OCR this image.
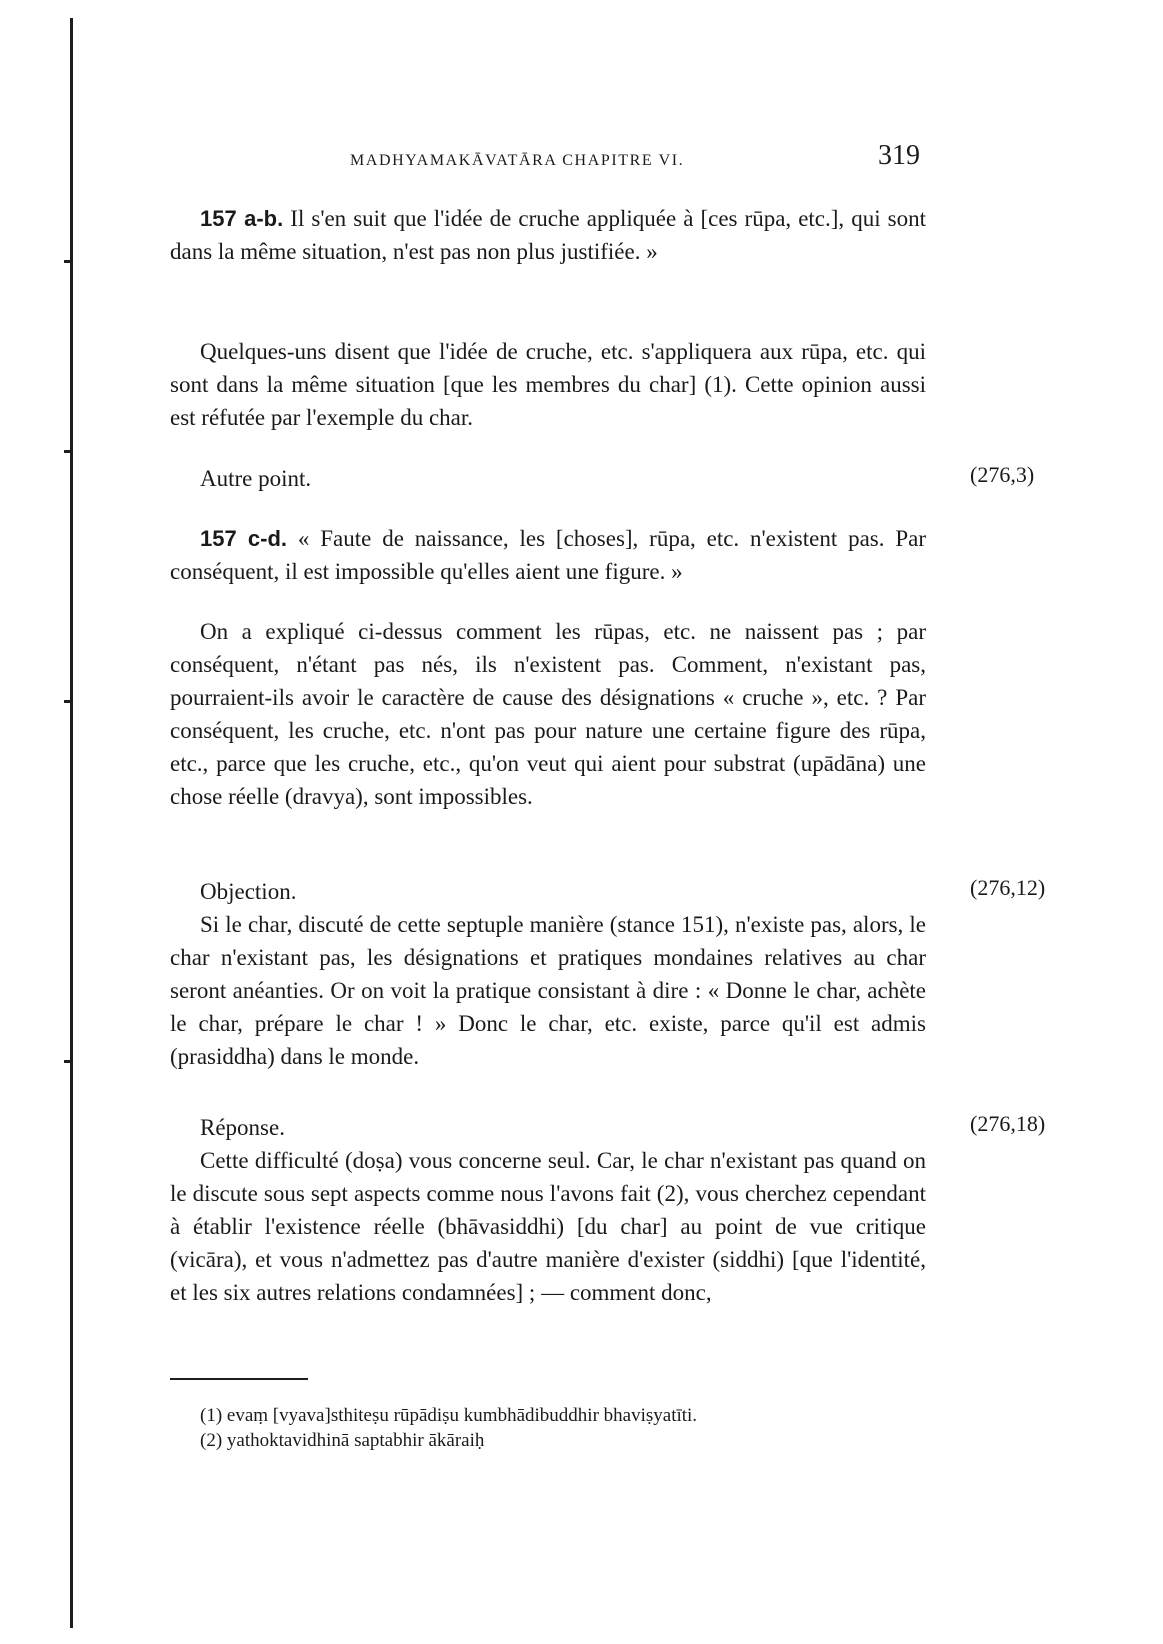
MADHYAMAKĀVATĀRA CHAPITRE VI.	319

157 a-b. Il s'en suit que l'idée de cruche appliquée à [ces rūpa, etc.], qui sont dans la même situation, n'est pas non plus justifiée. »

Quelques-uns disent que l'idée de cruche, etc. s'appliquera aux rūpa, etc. qui sont dans la même situation [que les membres du char] (1). Cette opinion aussi est réfutée par l'exemple du char.

Autre point.	(276,3)

157 c-d. « Faute de naissance, les [choses], rūpa, etc. n'existent pas. Par conséquent, il est impossible qu'elles aient une figure. »

On a expliqué ci-dessus comment les rūpas, etc. ne naissent pas ; par conséquent, n'étant pas nés, ils n'existent pas. Comment, n'existant pas, pourraient-ils avoir le caractère de cause des désignations « cruche », etc. ? Par conséquent, les cruche, etc. n'ont pas pour nature une certaine figure des rūpa, etc., parce que les cruche, etc., qu'on veut qui aient pour substrat (upādāna) une chose réelle (dravya), sont impossibles.

Objection.

Si le char, discuté de cette septuple manière (stance 151), n'existe pas, alors, le char n'existant pas, les désignations et pratiques mondaines relatives au char seront anéanties. Or on voit la pratique consistant à dire : « Donne le char, achète le char, prépare le char ! » Donc le char, etc. existe, parce qu'il est admis (prasiddha) dans le monde.

(276,12)

Réponse.

Cette difficulté (doṣa) vous concerne seul. Car, le char n'existant pas quand on le discute sous sept aspects comme nous l'avons fait (2), vous cherchez cependant à établir l'existence réelle (bhāvasiddhi) [du char] au point de vue critique (vicāra), et vous n'admettez pas d'autre manière d'exister (siddhi) [que l'identité, et les six autres relations condamnées] ; — comment donc,

(276,18)
(1) evaṃ [vyava]sthiteṣu rūpādiṣu kumbhādibuddhir bhaviṣyatīti.
(2) yathoktavidhinā saptabhir ākāraiḥ
